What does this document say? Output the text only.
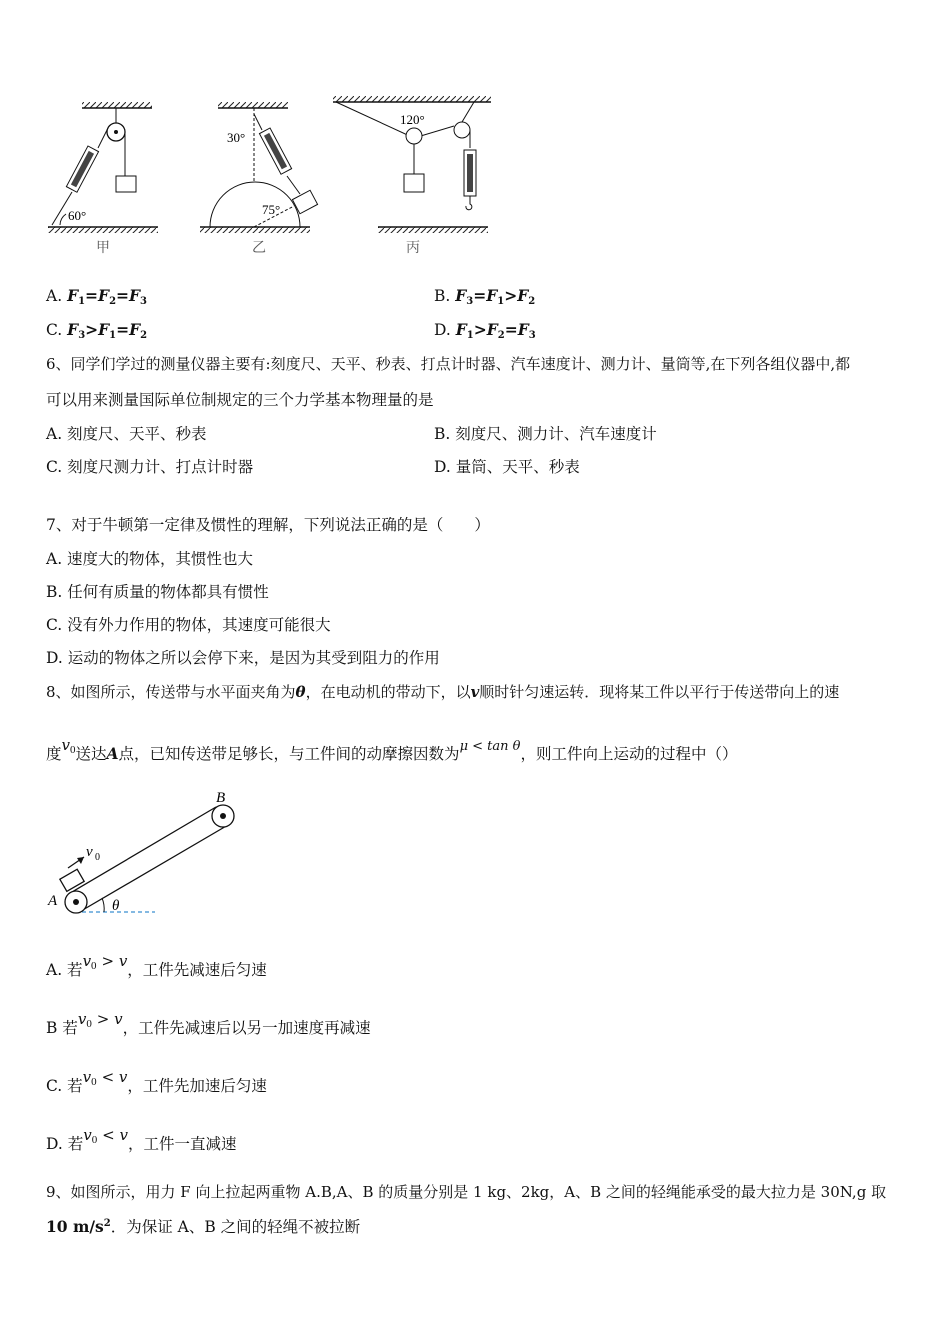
60°
甲
30°
75°
乙
120°
丙
A. $F_1=F_2=F_3$	B. $F_3=F_1>F_2$
C. $F_3>F_1=F_2$	D. $F_1>F_2=F_3$
6、同学们学过的测量仪器主要有:刻度尺、天平、秒表、打点计时器、汽车速度计、测力计、量筒等,在下列各组仪器中,都
可以用来测量国际单位制规定的三个力学基本物理量的是
A. 刻度尺、天平、秒表	B. 刻度尺、测力计、汽车速度计
C. 刻度尺测力计、打点计时器	D. 量筒、天平、秒表
7、对于牛顿第一定律及惯性的理解，下列说法正确的是（　　）
A. 速度大的物体，其惯性也大
B. 任何有质量的物体都具有惯性
C. 没有外力作用的物体，其速度可能很大
D. 运动的物体之所以会停下来，是因为其受到阻力的作用
8、如图所示，传送带与水平面夹角为θ，在电动机的带动下，以v顺时针匀速运转．现将某工件以平行于传送带向上的速
度$v_0$送达A点，已知传送带足够长，与工件间的动摩擦因数为μ < tan θ，则工件向上运动的过程中（）
B
A
v 0
θ
A. 若$v_0 > v$，工件先减速后匀速
B 若$v_0 > v$，工件先减速后以另一加速度再减速
C. 若$v_0 < v$，工件先加速后匀速
D. 若$v_0 < v$，工件一直减速
9、如图所示，用力 F 向上拉起两重物 A.B,A、B 的质量分别是 1 kg、2kg，A、B 之间的轻绳能承受的最大拉力是 30N,g 取
10 $m/s^2$．为保证 A、B 之间的轻绳不被拉断
